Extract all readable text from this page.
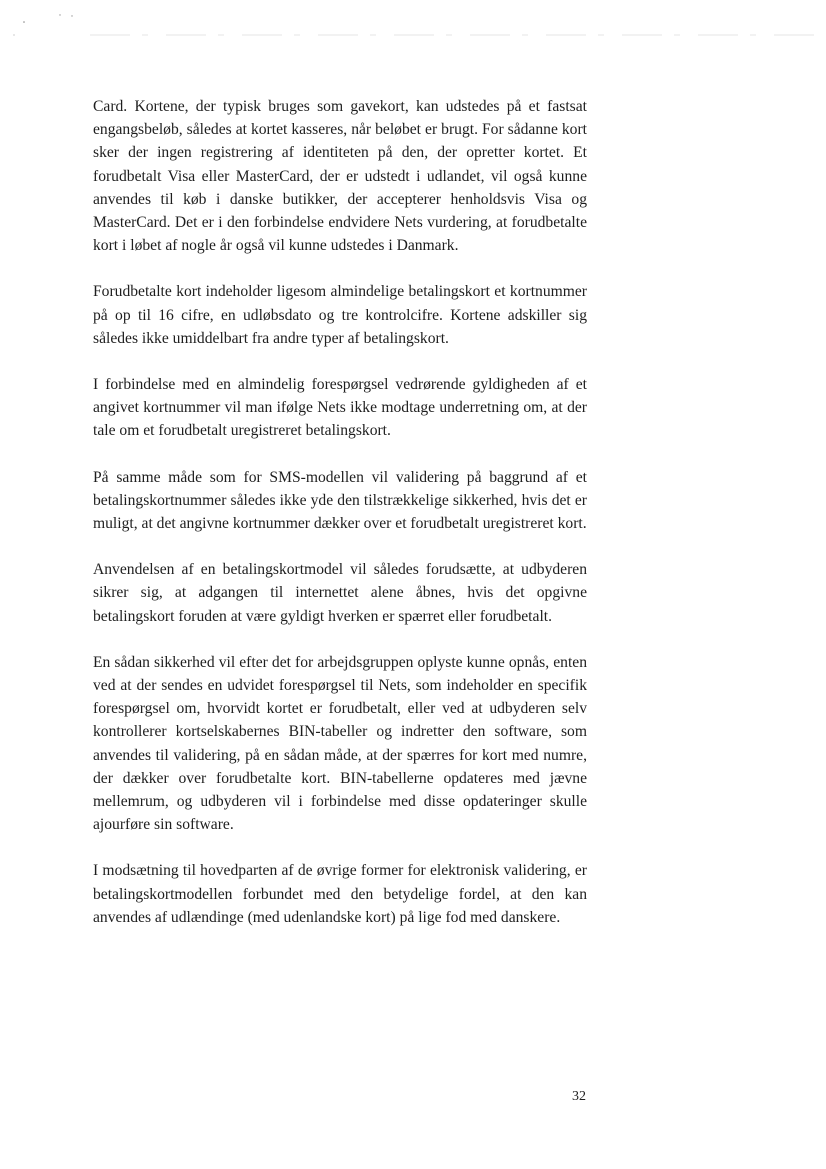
Card. Kortene, der typisk bruges som gavekort, kan udstedes på et fastsat engangsbeløb, således at kortet kasseres, når beløbet er brugt. For sådanne kort sker der ingen registrering af identiteten på den, der opretter kortet. Et forudbetalt Visa eller MasterCard, der er udstedt i udlandet, vil også kunne anvendes til køb i danske butikker, der accepterer henholdsvis Visa og MasterCard. Det er i den forbindelse endvidere Nets vurdering, at forudbetalte kort i løbet af nogle år også vil kunne udstedes i Danmark.

Forudbetalte kort indeholder ligesom almindelige betalingskort et kortnummer på op til 16 cifre, en udløbsdato og tre kontrolcifre. Kortene adskiller sig således ikke umiddelbart fra andre typer af betalingskort.

I forbindelse med en almindelig forespørgsel vedrørende gyldigheden af et angivet kortnummer vil man ifølge Nets ikke modtage underretning om, at der tale om et forudbetalt uregistreret betalingskort.

På samme måde som for SMS-modellen vil validering på baggrund af et betalingskortnummer således ikke yde den tilstrækkelige sikkerhed, hvis det er muligt, at det angivne kortnummer dækker over et forudbetalt uregistreret kort.

Anvendelsen af en betalingskortmodel vil således forudsætte, at udbyderen sikrer sig, at adgangen til internettet alene åbnes, hvis det opgivne betalingskort foruden at være gyldigt hverken er spærret eller forudbetalt.

En sådan sikkerhed vil efter det for arbejdsgruppen oplyste kunne opnås, enten ved at der sendes en udvidet forespørgsel til Nets, som indeholder en specifik forespørgsel om, hvorvidt kortet er forudbetalt, eller ved at udbyderen selv kontrollerer kortselskabernes BIN-tabeller og indretter den software, som anvendes til validering, på en sådan måde, at der spærres for kort med numre, der dækker over forudbetalte kort. BIN-tabellerne opdateres med jævne mellemrum, og udbyderen vil i forbindelse med disse opdateringer skulle ajourføre sin software.

I modsætning til hovedparten af de øvrige former for elektronisk validering, er betalingskortmodellen forbundet med den betydelige fordel, at den kan anvendes af udlændinge (med udenlandske kort) på lige fod med danskere.

32
